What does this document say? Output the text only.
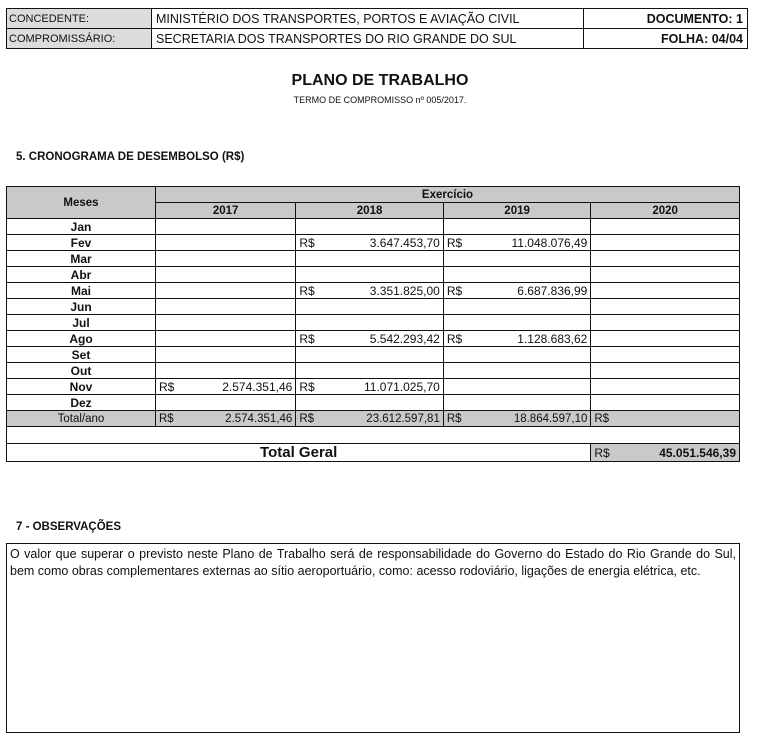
CONCEDENTE:	MINISTÉRIO DOS TRANSPORTES, PORTOS E AVIAÇÃO CIVIL	DOCUMENTO: 1
COMPROMISSÁRIO:	SECRETARIA DOS TRANSPORTES DO RIO GRANDE DO SUL	FOLHA: 04/04
PLANO DE TRABALHO
TERMO DE COMPROMISSO nº 005/2017.
5. CRONOGRAMA DE DESEMBOLSO (R$)
Meses	Exercício			
	2017	2018	2019	2020
Jan				
Fev		R$ 3.647.453,70	R$ 11.048.076,49	

Mar				
Abr				
Mai		R$ 3.351.825,00	R$ 6.687.836,99	

Jun				
Jul				
Ago		R$ 5.542.293,42	R$ 1.128.683,62	

Set				
Out				
Nov	R$ 2.574.351,46	R$ 11.071.025,70		

Dez				
Total/ano	R$ 2.574.351,46	R$ 23.612.597,81	R$ 18.864.597,10	R$

Total Geral				R$ 45.051.546,39
7 - OBSERVAÇÕES
O valor que superar o previsto neste Plano de Trabalho será de responsabilidade do Governo do Estado do Rio Grande do Sul, bem como obras complementares externas ao sítio aeroportuário, como: acesso rodoviário, ligações de energia elétrica, etc.
